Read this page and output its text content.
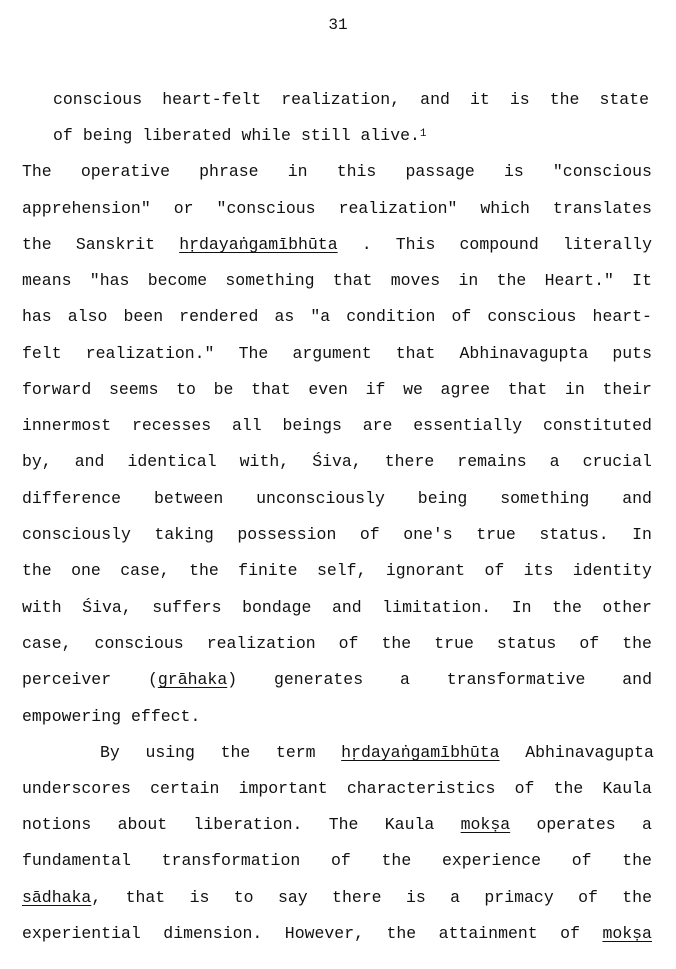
31
conscious heart-felt realization, and it is the state
of being liberated while still alive.$^1$
The operative phrase in this passage is "conscious
apprehension" or "conscious realization" which translates
the Sanskrit hṛdayaṅgamībhūta . This compound literally
means "has become something that moves in the Heart." It
has also been rendered as "a condition of conscious heart-
felt realization." The argument that Abhinavagupta puts
forward seems to be that even if we agree that in their
innermost recesses all beings are essentially constituted
by, and identical with, Śiva, there remains a crucial
difference between unconsciously being something and
consciously taking possession of one's true status. In
the one case, the finite self, ignorant of its identity
with Śiva, suffers bondage and limitation. In the other
case, conscious realization of the true status of the
perceiver (grāhaka) generates a transformative and
empowering effect.
By using the term hṛdayaṅgamībhūta Abhinavagupta
underscores certain important characteristics of the Kaula
notions about liberation. The Kaula mokṣa operates a
fundamental transformation of the experience of the
sādhaka, that is to say there is a primacy of the
experiential dimension. However, the attainment of mokṣa
